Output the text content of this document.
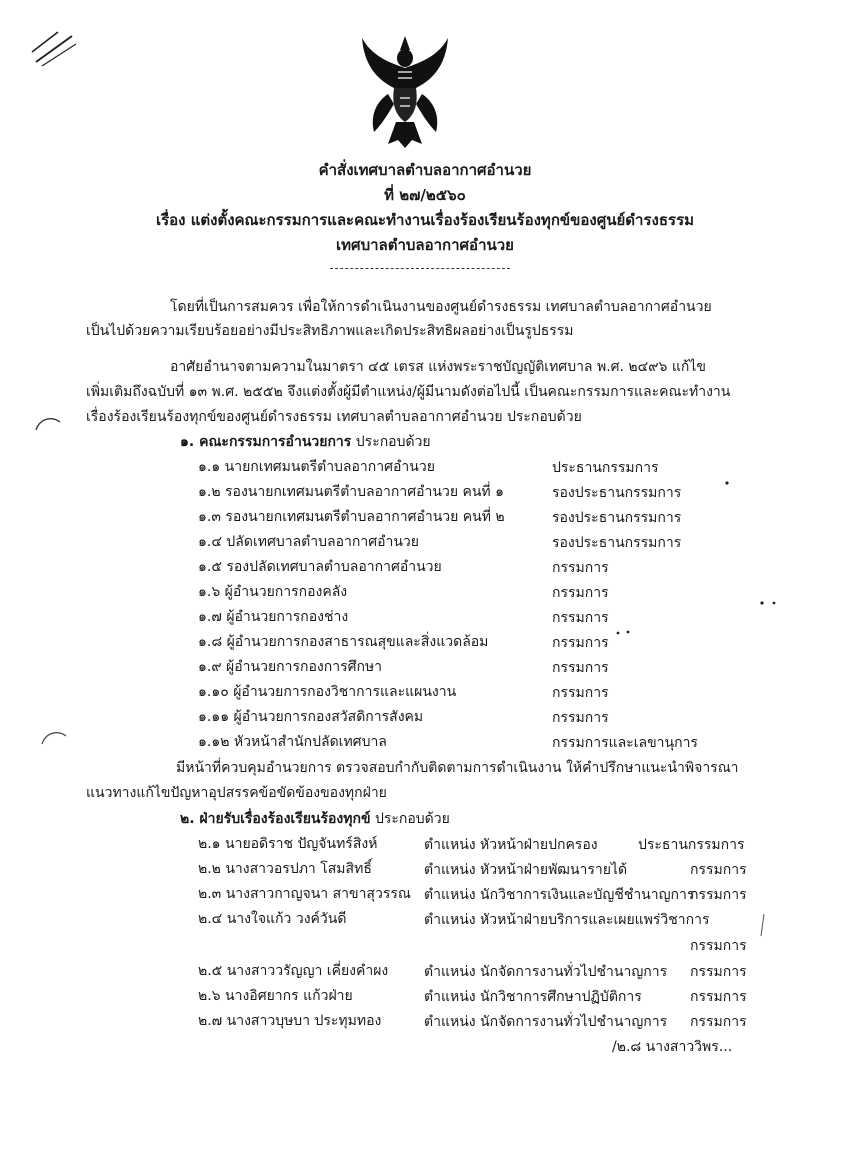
คำสั่งเทศบาลตำบลอากาศอำนวย
ที่ ๒๗/๒๕๖๐
เรื่อง แต่งตั้งคณะกรรมการและคณะทำงานเรื่องร้องเรียนร้องทุกข์ของศูนย์ดำรงธรรม
เทศบาลตำบลอากาศอำนวย
โดยที่เป็นการสมควร เพื่อให้การดำเนินงานของศูนย์ดำรงธรรม เทศบาลตำบลอากาศอำนวย
เป็นไปด้วยความเรียบร้อยอย่างมีประสิทธิภาพและเกิดประสิทธิผลอย่างเป็นรูปธรรม
อาศัยอำนาจตามความในมาตรา ๔๕ เตรส แห่งพระราชบัญญัติเทศบาล พ.ศ. ๒๔๙๖ แก้ไข
เพิ่มเติมถึงฉบับที่ ๑๓ พ.ศ. ๒๕๕๒ จึงแต่งตั้งผู้มีตำแหน่ง/ผู้มีนามดังต่อไปนี้ เป็นคณะกรรมการและคณะทำงาน
เรื่องร้องเรียนร้องทุกข์ของศูนย์ดำรงธรรม เทศบาลตำบลอากาศอำนวย ประกอบด้วย
๑. คณะกรรมการอำนวยการ ประกอบด้วย
๑.๑ นายกเทศมนตรีตำบลอากาศอำนวย	ประธานกรรมการ
๑.๒ รองนายกเทศมนตรีตำบลอากาศอำนวย คนที่ ๑	รองประธานกรรมการ
๑.๓ รองนายกเทศมนตรีตำบลอากาศอำนวย คนที่ ๒	รองประธานกรรมการ
๑.๔ ปลัดเทศบาลตำบลอากาศอำนวย	รองประธานกรรมการ
๑.๕ รองปลัดเทศบาลตำบลอากาศอำนวย	กรรมการ
๑.๖ ผู้อำนวยการกองคลัง	กรรมการ
๑.๗ ผู้อำนวยการกองช่าง	กรรมการ
๑.๘ ผู้อำนวยการกองสาธารณสุขและสิ่งแวดล้อม	กรรมการ
๑.๙ ผู้อำนวยการกองการศึกษา	กรรมการ
๑.๑๐ ผู้อำนวยการกองวิชาการและแผนงาน	กรรมการ
๑.๑๑ ผู้อำนวยการกองสวัสดิการสังคม	กรรมการ
๑.๑๒ หัวหน้าสำนักปลัดเทศบาล	กรรมการและเลขานุการ
มีหน้าที่ควบคุมอำนวยการ ตรวจสอบกำกับติดตามการดำเนินงาน ให้คำปรึกษาแนะนำพิจารณา
แนวทางแก้ไขปัญหาอุปสรรคข้อขัดข้องของทุกฝ่าย
๒. ฝ่ายรับเรื่องร้องเรียนร้องทุกข์ ประกอบด้วย
๒.๑ นายอดิราช ปัญจันทร์สิงห์	ตำแหน่ง หัวหน้าฝ่ายปกครอง	ประธานกรรมการ
๒.๒ นางสาวอรปภา โสมสิทธิ์	ตำแหน่ง หัวหน้าฝ่ายพัฒนารายได้	กรรมการ
๒.๓ นางสาวกาญจนา สาขาสุวรรณ ตำแหน่ง นักวิชาการเงินและบัญชีชำนาญการ
กรรมการ
๒.๔ นางใจแก้ว วงค์วันดี	ตำแหน่ง หัวหน้าฝ่ายบริการและเผยแพร่วิชาการ
กรรมการ
๒.๕ นางสาววรัญญา เคี่ยงคำผง	ตำแหน่ง นักจัดการงานทั่วไปชำนาญการ กรรมการ
๒.๖ นางอิศยากร แก้วฝ่าย	ตำแหน่ง นักวิชาการศึกษาปฏิบัติการ	กรรมการ
๒.๗ นางสาวบุษบา ประทุมทอง	ตำแหน่ง นักจัดการงานทั่วไปชำนาญการ กรรมการ
/๒.๘ นางสาววิพร...
